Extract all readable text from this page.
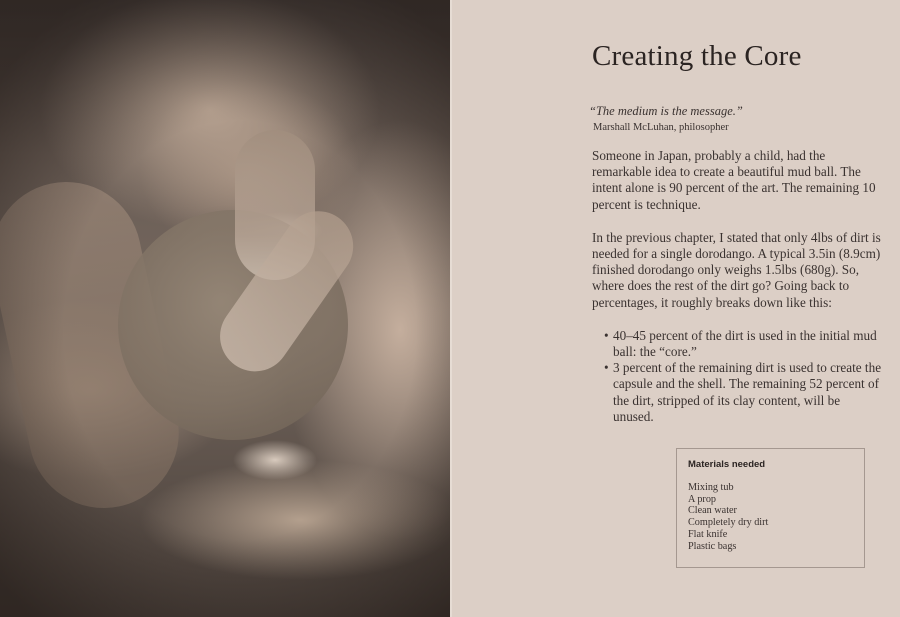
Creating the Core

“The medium is the message.”

Marshall McLuhan, philosopher

Someone in Japan, probably a child, had the remarkable idea to create a beautiful mud ball. The intent alone is 90 percent of the art. The remaining 10 percent is technique.

In the previous chapter, I stated that only 4lbs of dirt is needed for a single dorodango. A typical 3.5in (8.9cm) finished dorodango only weighs 1.5lbs (680g). So, where does the rest of the dirt go? Going back to percentages, it roughly breaks down like this:

• 40–45 percent of the dirt is used in the initial mud ball: the “core.”
• 3 percent of the remaining dirt is used to create the capsule and the shell. The remaining 52 percent of the dirt, stripped of its clay content, will be unused.

Materials needed

Mixing tub
A prop
Clean water
Completely dry dirt
Flat knife
Plastic bags
